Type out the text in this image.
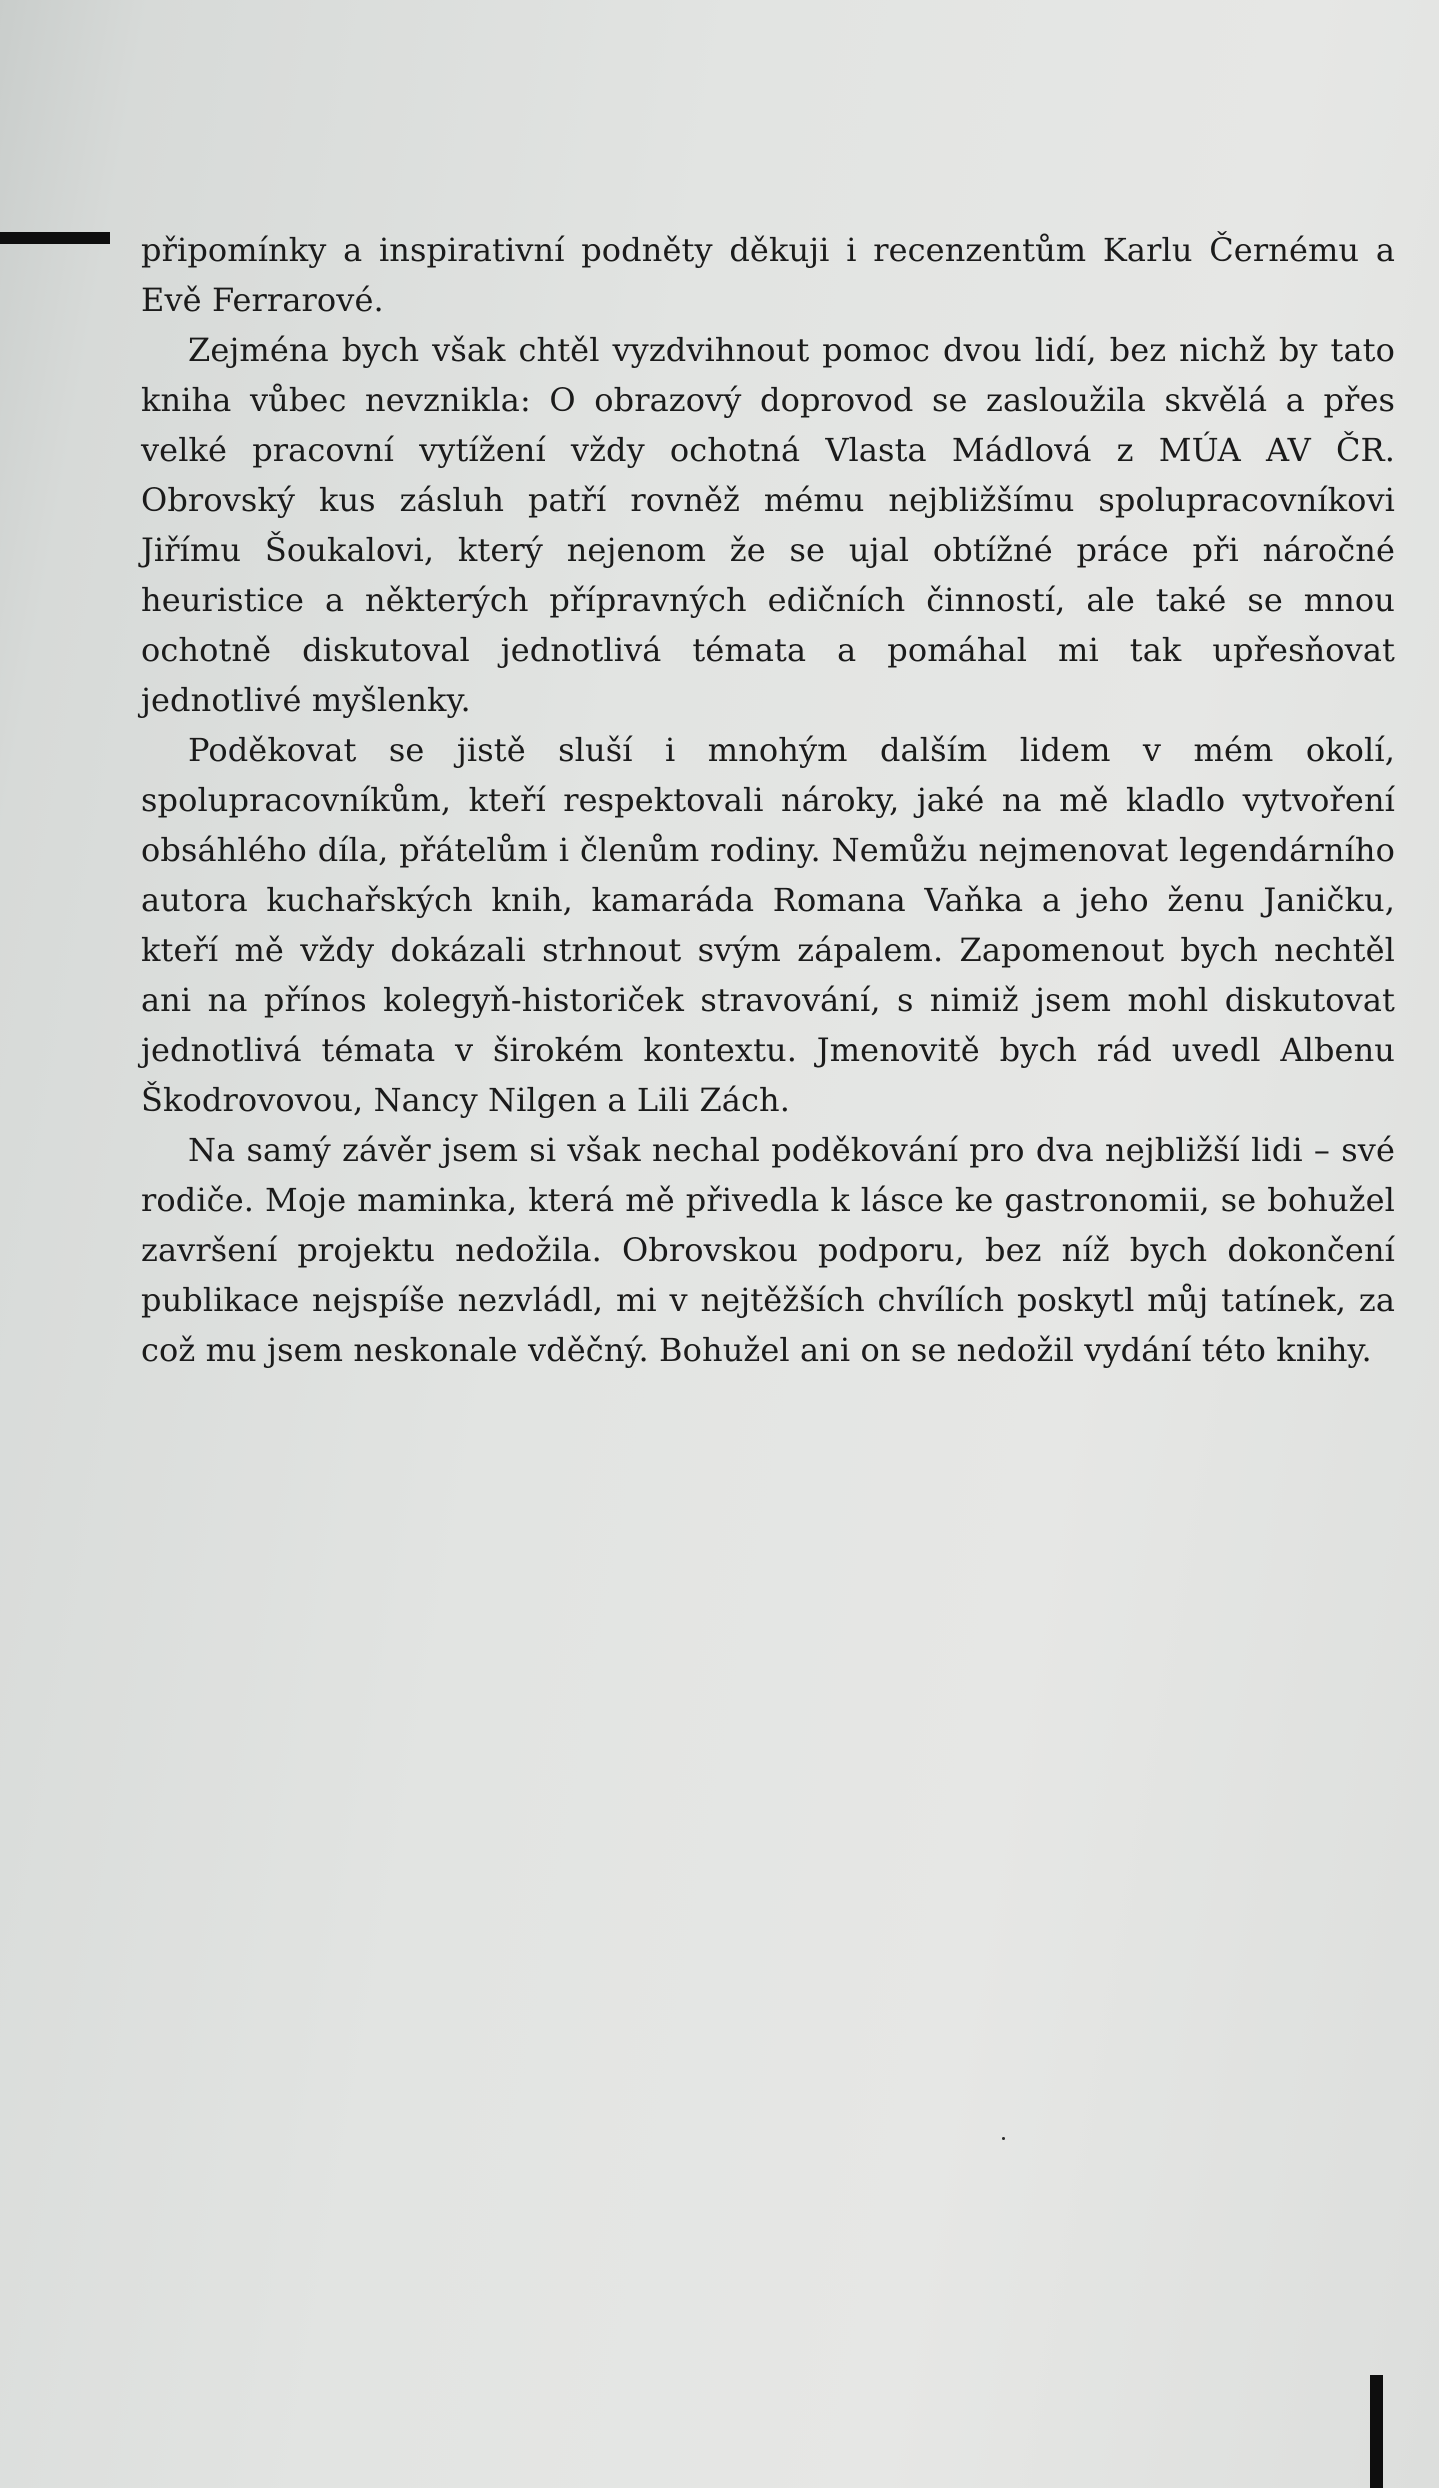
připomínky a inspirativní podněty děkuji i recenzentům Karlu Černému a Evě Ferrarové.

Zejména bych však chtěl vyzdvihnout pomoc dvou lidí, bez nichž by tato kniha vůbec nevznikla: O obrazový doprovod se zasloužila skvělá a přes velké pracovní vytížení vždy ochotná Vlasta Mádlová z MÚA AV ČR. Obrovský kus zásluh patří rovněž mému nejbližšímu spolupracovníkovi Jiřímu Šoukalovi, který nejenom že se ujal obtížné práce při náročné heuristice a některých přípravných edičních činností, ale také se mnou ochotně diskutoval jednotlivá témata a pomáhal mi tak upřesňovat jednotlivé myšlenky.

Poděkovat se jistě sluší i mnohým dalším lidem v mém okolí, spolupracovníkům, kteří respektovali nároky, jaké na mě kladlo vytvoření obsáhlého díla, přátelům i členům rodiny. Nemůžu nejmenovat legendárního autora kuchařských knih, kamaráda Romana Vaňka a jeho ženu Janičku, kteří mě vždy dokázali strhnout svým zápalem. Zapomenout bych nechtěl ani na přínos kolegyň-historiček stravování, s nimiž jsem mohl diskutovat jednotlivá témata v širokém kontextu. Jmenovitě bych rád uvedl Albenu Škodrovovou, Nancy Nilgen a Lili Zách.

Na samý závěr jsem si však nechal poděkování pro dva nejbližší lidi – své rodiče. Moje maminka, která mě přivedla k lásce ke gastronomii, se bohužel završení projektu nedožila. Obrovskou podporu, bez níž bych dokončení publikace nejspíše nezvládl, mi v nejtěžších chvílích poskytl můj tatínek, za což mu jsem neskonale vděčný. Bohužel ani on se nedožil vydání této knihy.
